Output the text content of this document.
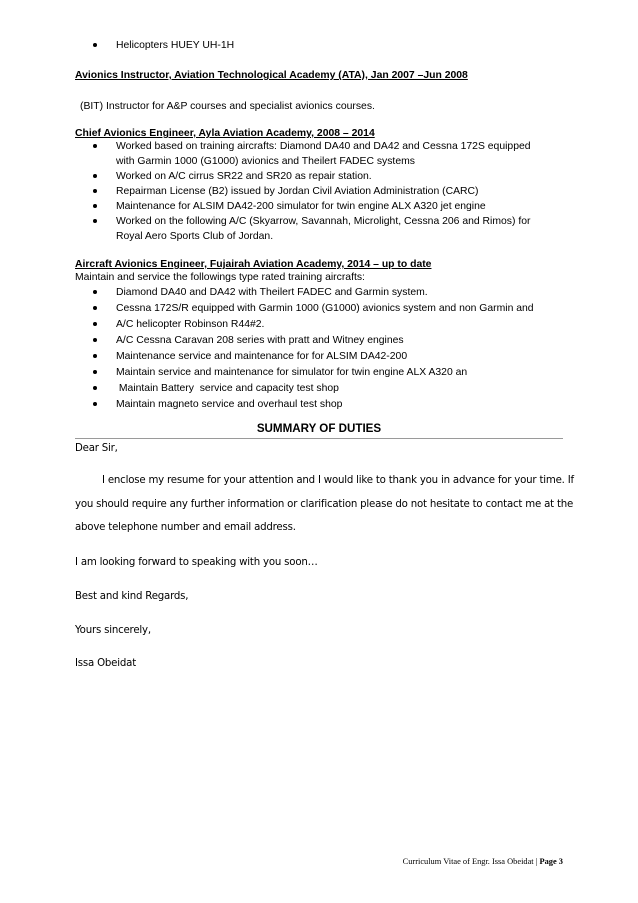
Helicopters HUEY UH-1H
Avionics Instructor, Aviation Technological Academy (ATA), Jan 2007 –Jun 2008
(BIT) Instructor for A&P courses and specialist avionics courses.
Chief Avionics Engineer, Ayla Aviation Academy, 2008 – 2014
Worked based on training aircrafts: Diamond DA40 and DA42 and Cessna 172S equipped
with Garmin 1000 (G1000) avionics and Theilert FADEC systems
Worked on A/C cirrus SR22 and SR20 as repair station.
Repairman License (B2) issued by Jordan Civil Aviation Administration (CARC)
Maintenance for ALSIM DA42-200 simulator for twin engine ALX A320 jet engine
Worked on the following A/C (Skyarrow, Savannah, Microlight, Cessna 206 and Rimos) for
Royal Aero Sports Club of Jordan.
Aircraft Avionics Engineer, Fujairah Aviation Academy, 2014 – up to date
Maintain and service the followings type rated training aircrafts:
Diamond DA40 and DA42 with Theilert FADEC and Garmin system.
Cessna 172S/R equipped with Garmin 1000 (G1000) avionics system and non Garmin and
A/C helicopter Robinson R44#2.
A/C Cessna Caravan 208 series with pratt and Witney engines
Maintenance service and maintenance for for ALSIM DA42-200
Maintain service and maintenance for simulator for twin engine ALX A320 an
Maintain Battery  service and capacity test shop
Maintain magneto service and overhaul test shop
SUMMARY OF DUTIES
Dear Sir,
I enclose my resume for your attention and I would like to thank you in advance for your time. If
you should require any further information or clarification please do not hesitate to contact me at the
above telephone number and email address.
I am looking forward to speaking with you soon…
Best and kind Regards,
Yours sincerely,
Issa Obeidat
Curriculum Vitae of Engr. Issa Obeidat | Page 3
